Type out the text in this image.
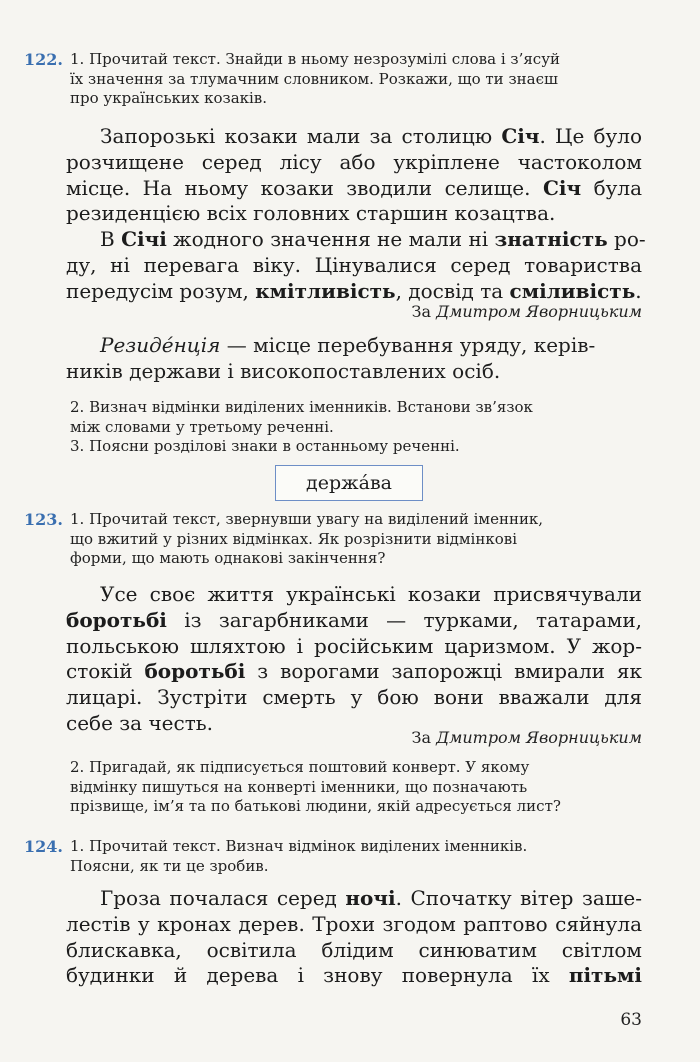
122. 1. Прочитай текст. Знайди в ньому незрозумілі слова і з’ясуй
їх значення за тлумачним словником. Розкажи, що ти знаєш
про українських козаків.
Запорозькі козаки мали за столицю Січ. Це було
розчищене серед лісу або укріплене частоколом
місце. На ньому козаки зводили селище. Січ була
резиденцією всіх головних старшин козацтва.
В Січі жодного значення не мали ні знатність ро-
ду, ні перевага віку. Цінувалися серед товариства
передусім розум, кмітливість, досвід та сміливість.
За Дмитром Яворницьким
Резиде́нція — місце перебування уряду, керів-
ників держави і високопоставлених осіб.
2. Визнач відмінки виділених іменників. Встанови зв’язок
між словами у третьому реченні.
3. Поясни розділові знаки в останньому реченні.
держа́ва
123. 1. Прочитай текст, звернувши увагу на виділений іменник,
що вжитий у різних відмінках. Як розрізнити відмінкові
форми, що мають однакові закінчення?
Усе своє життя українські козаки присвячували
боротьбі із загарбниками — турками, татарами,
польською шляхтою і російським царизмом. У жор-
стокій боротьбі з ворогами запорожці вмирали як
лицарі. Зустріти смерть у бою вони вважали для
себе за честь.
За Дмитром Яворницьким
2. Пригадай, як підписується поштовий конверт. У якому
відмінку пишуться на конверті іменники, що позначають
прізвище, ім’я та по батькові людини, якій адресується лист?
124. 1. Прочитай текст. Визнач відмінок виділених іменників.
Поясни, як ти це зробив.
Гроза почалася серед ночі. Спочатку вітер заше-
лестів у кронах дерев. Трохи згодом раптово сяйнула
блискавка, освітила блідим синюватим світлом
будинки й дерева і знову повернула їх пітьмі
63
